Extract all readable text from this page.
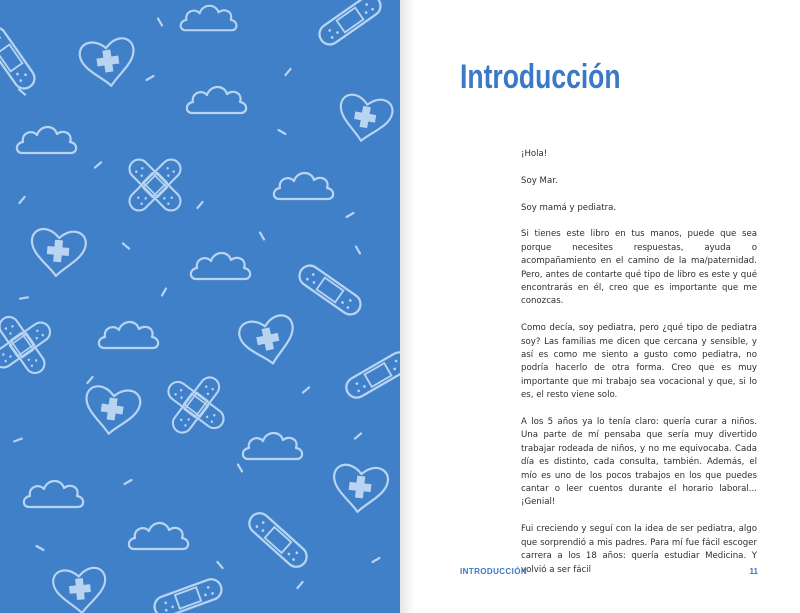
Introducción

¡Hola!

Soy Mar.

Soy mamá y pediatra.

Si tienes este libro en tus manos, puede que sea porque necesites respuestas, ayuda o acompañamiento en el camino de la ma/paternidad. Pero, antes de contarte qué tipo de libro es este y qué encontrarás en él, creo que es importante que me conozcas.

Como decía, soy pediatra, pero ¿qué tipo de pediatra soy? Las familias me dicen que cercana y sensible, y así es como me siento a gusto como pediatra, no podría hacerlo de otra forma. Creo que es muy importante que mi trabajo sea vocacional y que, si lo es, el resto viene solo.

A los 5 años ya lo tenía claro: quería curar a niños. Una parte de mí pensaba que sería muy divertido trabajar rodeada de niños, y no me equivocaba. Cada día es distinto, cada consulta, también. Además, el mío es uno de los pocos trabajos en los que puedes cantar o leer cuentos durante el horario laboral... ¡Genial!

Fui creciendo y seguí con la idea de ser pediatra, algo que sorprendió a mis padres. Para mí fue fácil escoger carrera a los 18 años: quería estudiar Medicina. Y volvió a ser fácil

INTRODUCCIÓN	11
